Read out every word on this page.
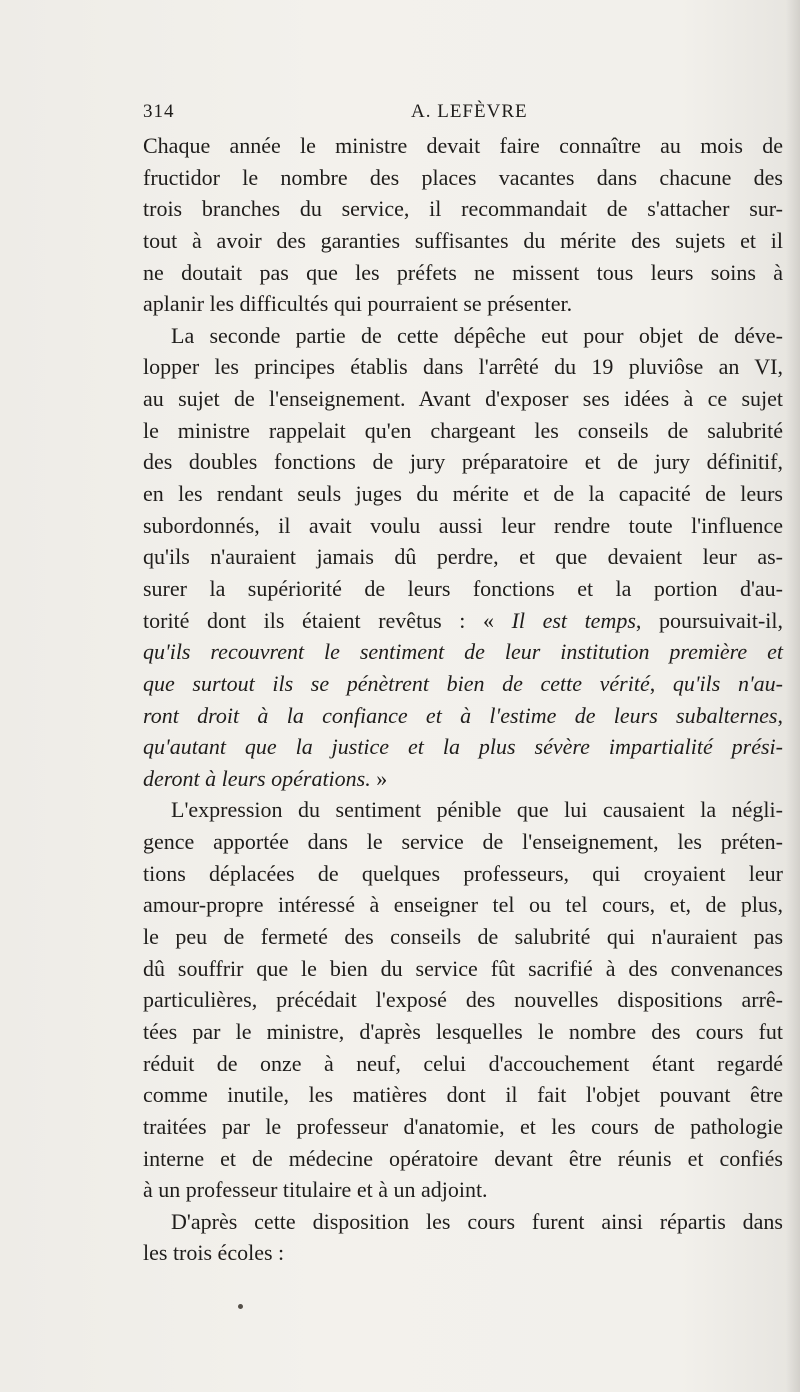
314	A. LEFÈVRE
Chaque année le ministre devait faire connaître au mois de
fructidor le nombre des places vacantes dans chacune des
trois branches du service, il recommandait de s'attacher sur-
tout à avoir des garanties suffisantes du mérite des sujets et il
ne doutait pas que les préfets ne missent tous leurs soins à
aplanir les difficultés qui pourraient se présenter.
La seconde partie de cette dépêche eut pour objet de déve-
lopper les principes établis dans l'arrêté du 19 pluviôse an VI,
au sujet de l'enseignement. Avant d'exposer ses idées à ce sujet
le ministre rappelait qu'en chargeant les conseils de salubrité
des doubles fonctions de jury préparatoire et de jury définitif,
en les rendant seuls juges du mérite et de la capacité de leurs
subordonnés, il avait voulu aussi leur rendre toute l'influence
qu'ils n'auraient jamais dû perdre, et que devaient leur as-
surer la supériorité de leurs fonctions et la portion d'au-
torité dont ils étaient revêtus : « Il est temps, poursuivait-il,
qu'ils recouvrent le sentiment de leur institution première et
que surtout ils se pénètrent bien de cette vérité, qu'ils n'au-
ront droit à la confiance et à l'estime de leurs subalternes,
qu'autant que la justice et la plus sévère impartialité prési-
deront à leurs opérations. »
L'expression du sentiment pénible que lui causaient la négli-
gence apportée dans le service de l'enseignement, les préten-
tions déplacées de quelques professeurs, qui croyaient leur
amour-propre intéressé à enseigner tel ou tel cours, et, de plus,
le peu de fermeté des conseils de salubrité qui n'auraient pas
dû souffrir que le bien du service fût sacrifié à des convenances
particulières, précédait l'exposé des nouvelles dispositions arrê-
tées par le ministre, d'après lesquelles le nombre des cours fut
réduit de onze à neuf, celui d'accouchement étant regardé
comme inutile, les matières dont il fait l'objet pouvant être
traitées par le professeur d'anatomie, et les cours de pathologie
interne et de médecine opératoire devant être réunis et confiés
à un professeur titulaire et à un adjoint.
D'après cette disposition les cours furent ainsi répartis dans
les trois écoles :
